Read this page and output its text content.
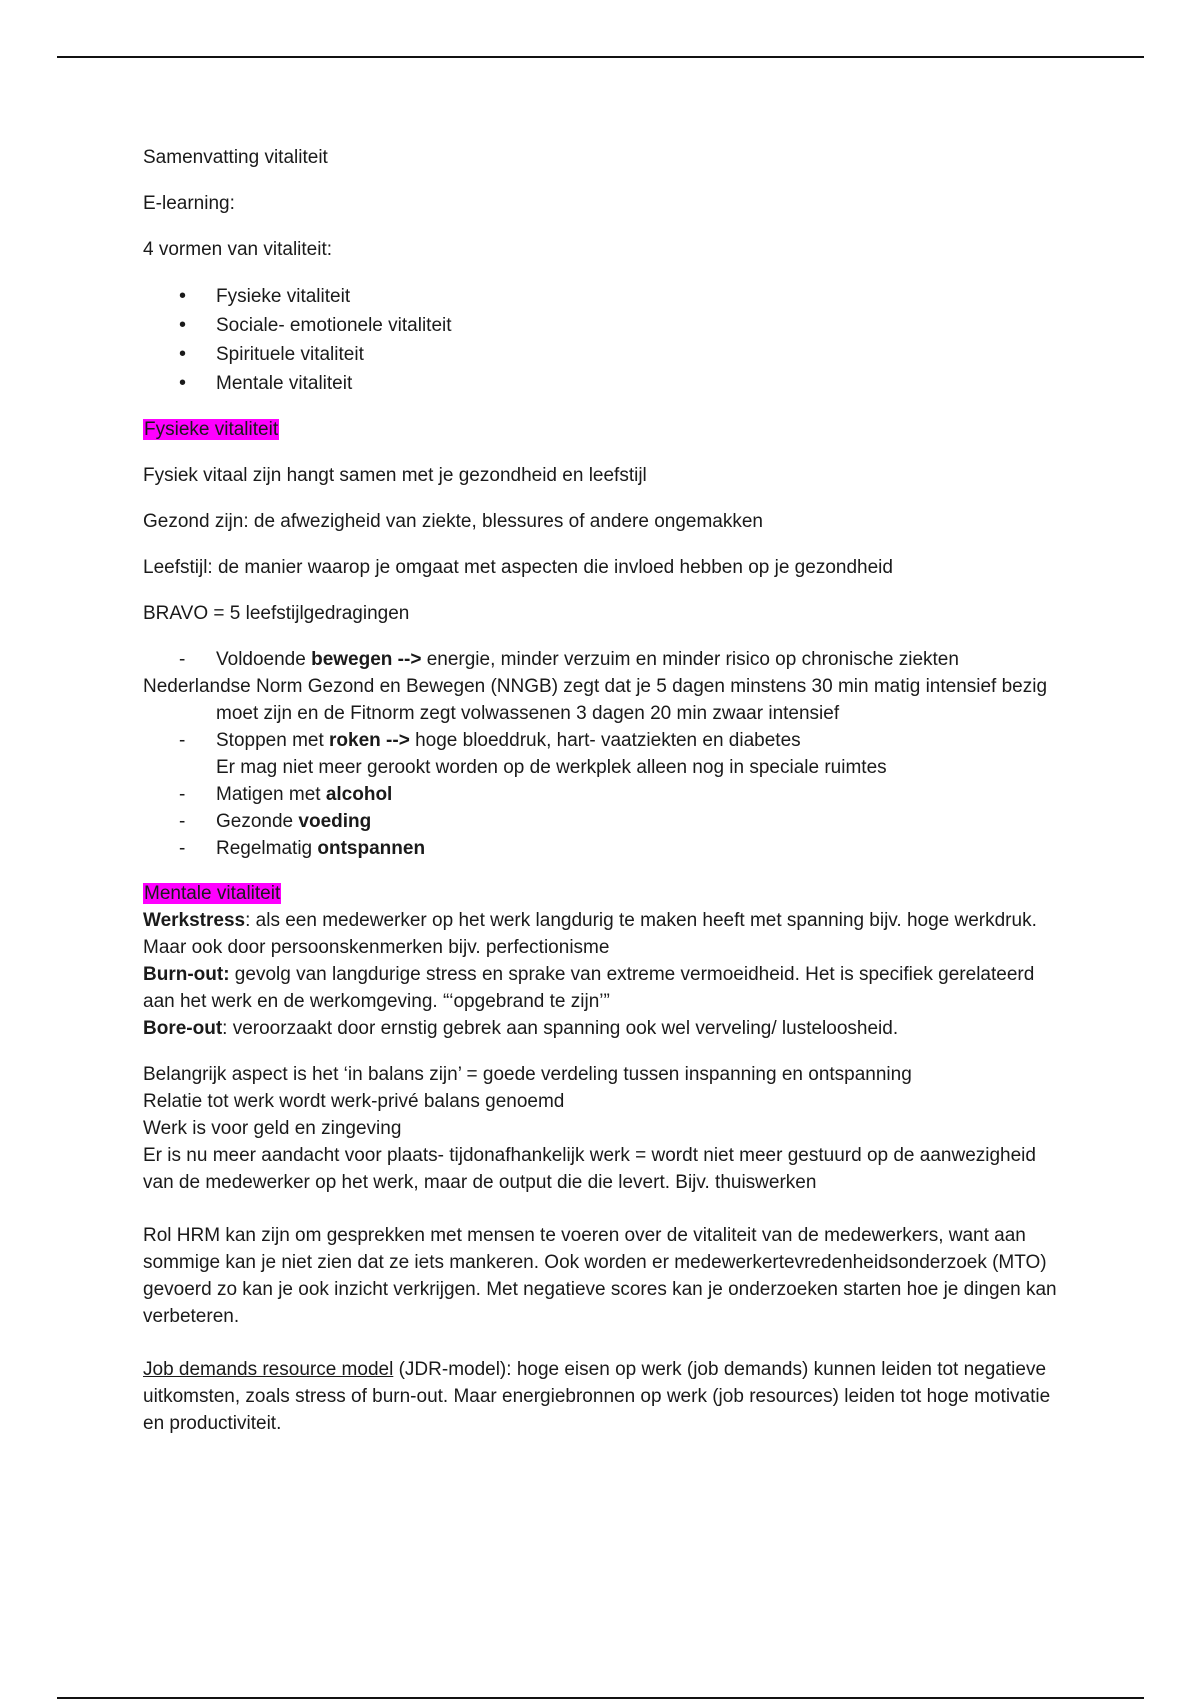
Samenvatting vitaliteit

E-learning:

4 vormen van vitaliteit:

• Fysieke vitaliteit
• Sociale- emotionele vitaliteit
• Spirituele vitaliteit
• Mentale vitaliteit

Fysieke vitaliteit

Fysiek vitaal zijn hangt samen met je gezondheid en leefstijl

Gezond zijn: de afwezigheid van ziekte, blessures of andere ongemakken

Leefstijl: de manier waarop je omgaat met aspecten die invloed hebben op je gezondheid

BRAVO = 5 leefstijlgedragingen

- Voldoende bewegen --> energie, minder verzuim en minder risico op chronische ziekten
Nederlandse Norm Gezond en Bewegen (NNGB) zegt dat je 5 dagen minstens 30 min matig intensief bezig moet zijn en de Fitnorm zegt volwassenen 3 dagen 20 min zwaar intensief
- Stoppen met roken --> hoge bloeddruk, hart- vaatziekten en diabetes
Er mag niet meer gerookt worden op de werkplek alleen nog in speciale ruimtes
- Matigen met alcohol
- Gezonde voeding
- Regelmatig ontspannen

Mentale vitaliteit

Werkstress: als een medewerker op het werk langdurig te maken heeft met spanning bijv. hoge werkdruk. Maar ook door persoonskenmerken bijv. perfectionisme

Burn-out: gevolg van langdurige stress en sprake van extreme vermoeidheid. Het is specifiek gerelateerd aan het werk en de werkomgeving. “‘opgebrand te zijn’”

Bore-out: veroorzaakt door ernstig gebrek aan spanning ook wel verveling/ lusteloosheid.

Belangrijk aspect is het ‘in balans zijn’ = goede verdeling tussen inspanning en ontspanning

Relatie tot werk wordt werk-privé balans genoemd

Werk is voor geld en zingeving

Er is nu meer aandacht voor plaats- tijdonafhankelijk werk = wordt niet meer gestuurd op de aanwezigheid van de medewerker op het werk, maar de output die die levert. Bijv. thuiswerken

Rol HRM kan zijn om gesprekken met mensen te voeren over de vitaliteit van de medewerkers, want aan sommige kan je niet zien dat ze iets mankeren. Ook worden er medewerkertevredenheidsonderzoek (MTO) gevoerd zo kan je ook inzicht verkrijgen. Met negatieve scores kan je onderzoeken starten hoe je dingen kan verbeteren.

Job demands resource model (JDR-model): hoge eisen op werk (job demands) kunnen leiden tot negatieve uitkomsten, zoals stress of burn-out. Maar energiebronnen op werk (job resources) leiden tot hoge motivatie en productiviteit.
